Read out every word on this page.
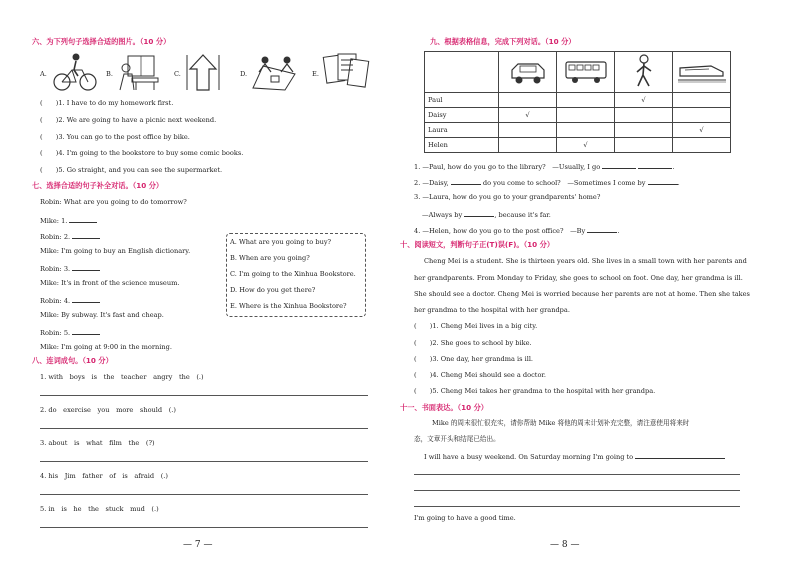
六、为下列句子选择合适的图片。（10 分）
A.	B.	C.	D.	E.
(　　)1. I have to do my homework first.
(　　)2. We are going to have a picnic next weekend.
(　　)3. You can go to the post office by bike.
(　　)4. I'm going to the bookstore to buy some comic books.
(　　)5. Go straight, and you can see the supermarket.
七、选择合适的句子补全对话。（10 分）
Robin: What are you going to do tomorrow?
Mike: 1.
Robin: 2.
Mike: I'm going to buy an English dictionary.
Robin: 3.
Mike: It's in front of the science museum.
Robin: 4.
Mike: By subway. It's fast and cheap.
Robin: 5.
Mike: I'm going at 9:00 in the morning.
A. What are you going to buy?
B. When are you going?
C. I'm going to the Xinhua Bookstore.
D. How do you get there?
E. Where is the Xinhua Bookstore?
八、连词成句。（10 分）
1. with　boys　is　the　teacher　angry　the　(.)
2. do　exercise　you　more　should　(.)
3. about　is　what　film　the　(?)
4. his　Jim　father　of　is　afraid　(.)
5. in　is　he　the　stuck　mud　(.)
— 7 —
九、根据表格信息，完成下列对话。（10 分）

Paul			√	
Daisy	√			
Laura				√
Helen		√		
1. —Paul, how do you go to the library?　—Usually, I go	.
2. —Daisy,	do you come to school?　—Sometimes I come by	.
3. —Laura, how do you go to your grandparents' home?
—Always by	, because it's far.
4. —Helen, how do you go to the post office?　—By	.
十、阅读短文，判断句子正(T)误(F)。（10 分）
Cheng Mei is a student. She is thirteen years old. She lives in a small town with her parents and
her grandparents. From Monday to Friday, she goes to school on foot. One day, her grandma is ill.
She should see a doctor. Cheng Mei is worried because her parents are not at home. Then she takes
her grandma to the hospital with her grandpa.
(　　)1. Cheng Mei lives in a big city.
(　　)2. She goes to school by bike.
(　　)3. One day, her grandma is ill.
(　　)4. Cheng Mei should see a doctor.
(　　)5. Cheng Mei takes her grandma to the hospital with her grandpa.
十一、书面表达。（10 分）
Mike 的周末很忙很充实，请你帮助 Mike 将他的周末计划补充完整，请注意使用将来时
态，文章开头和结尾已给出。
I will have a busy weekend. On Saturday morning I'm going to
I'm going to have a good time.
— 8 —
